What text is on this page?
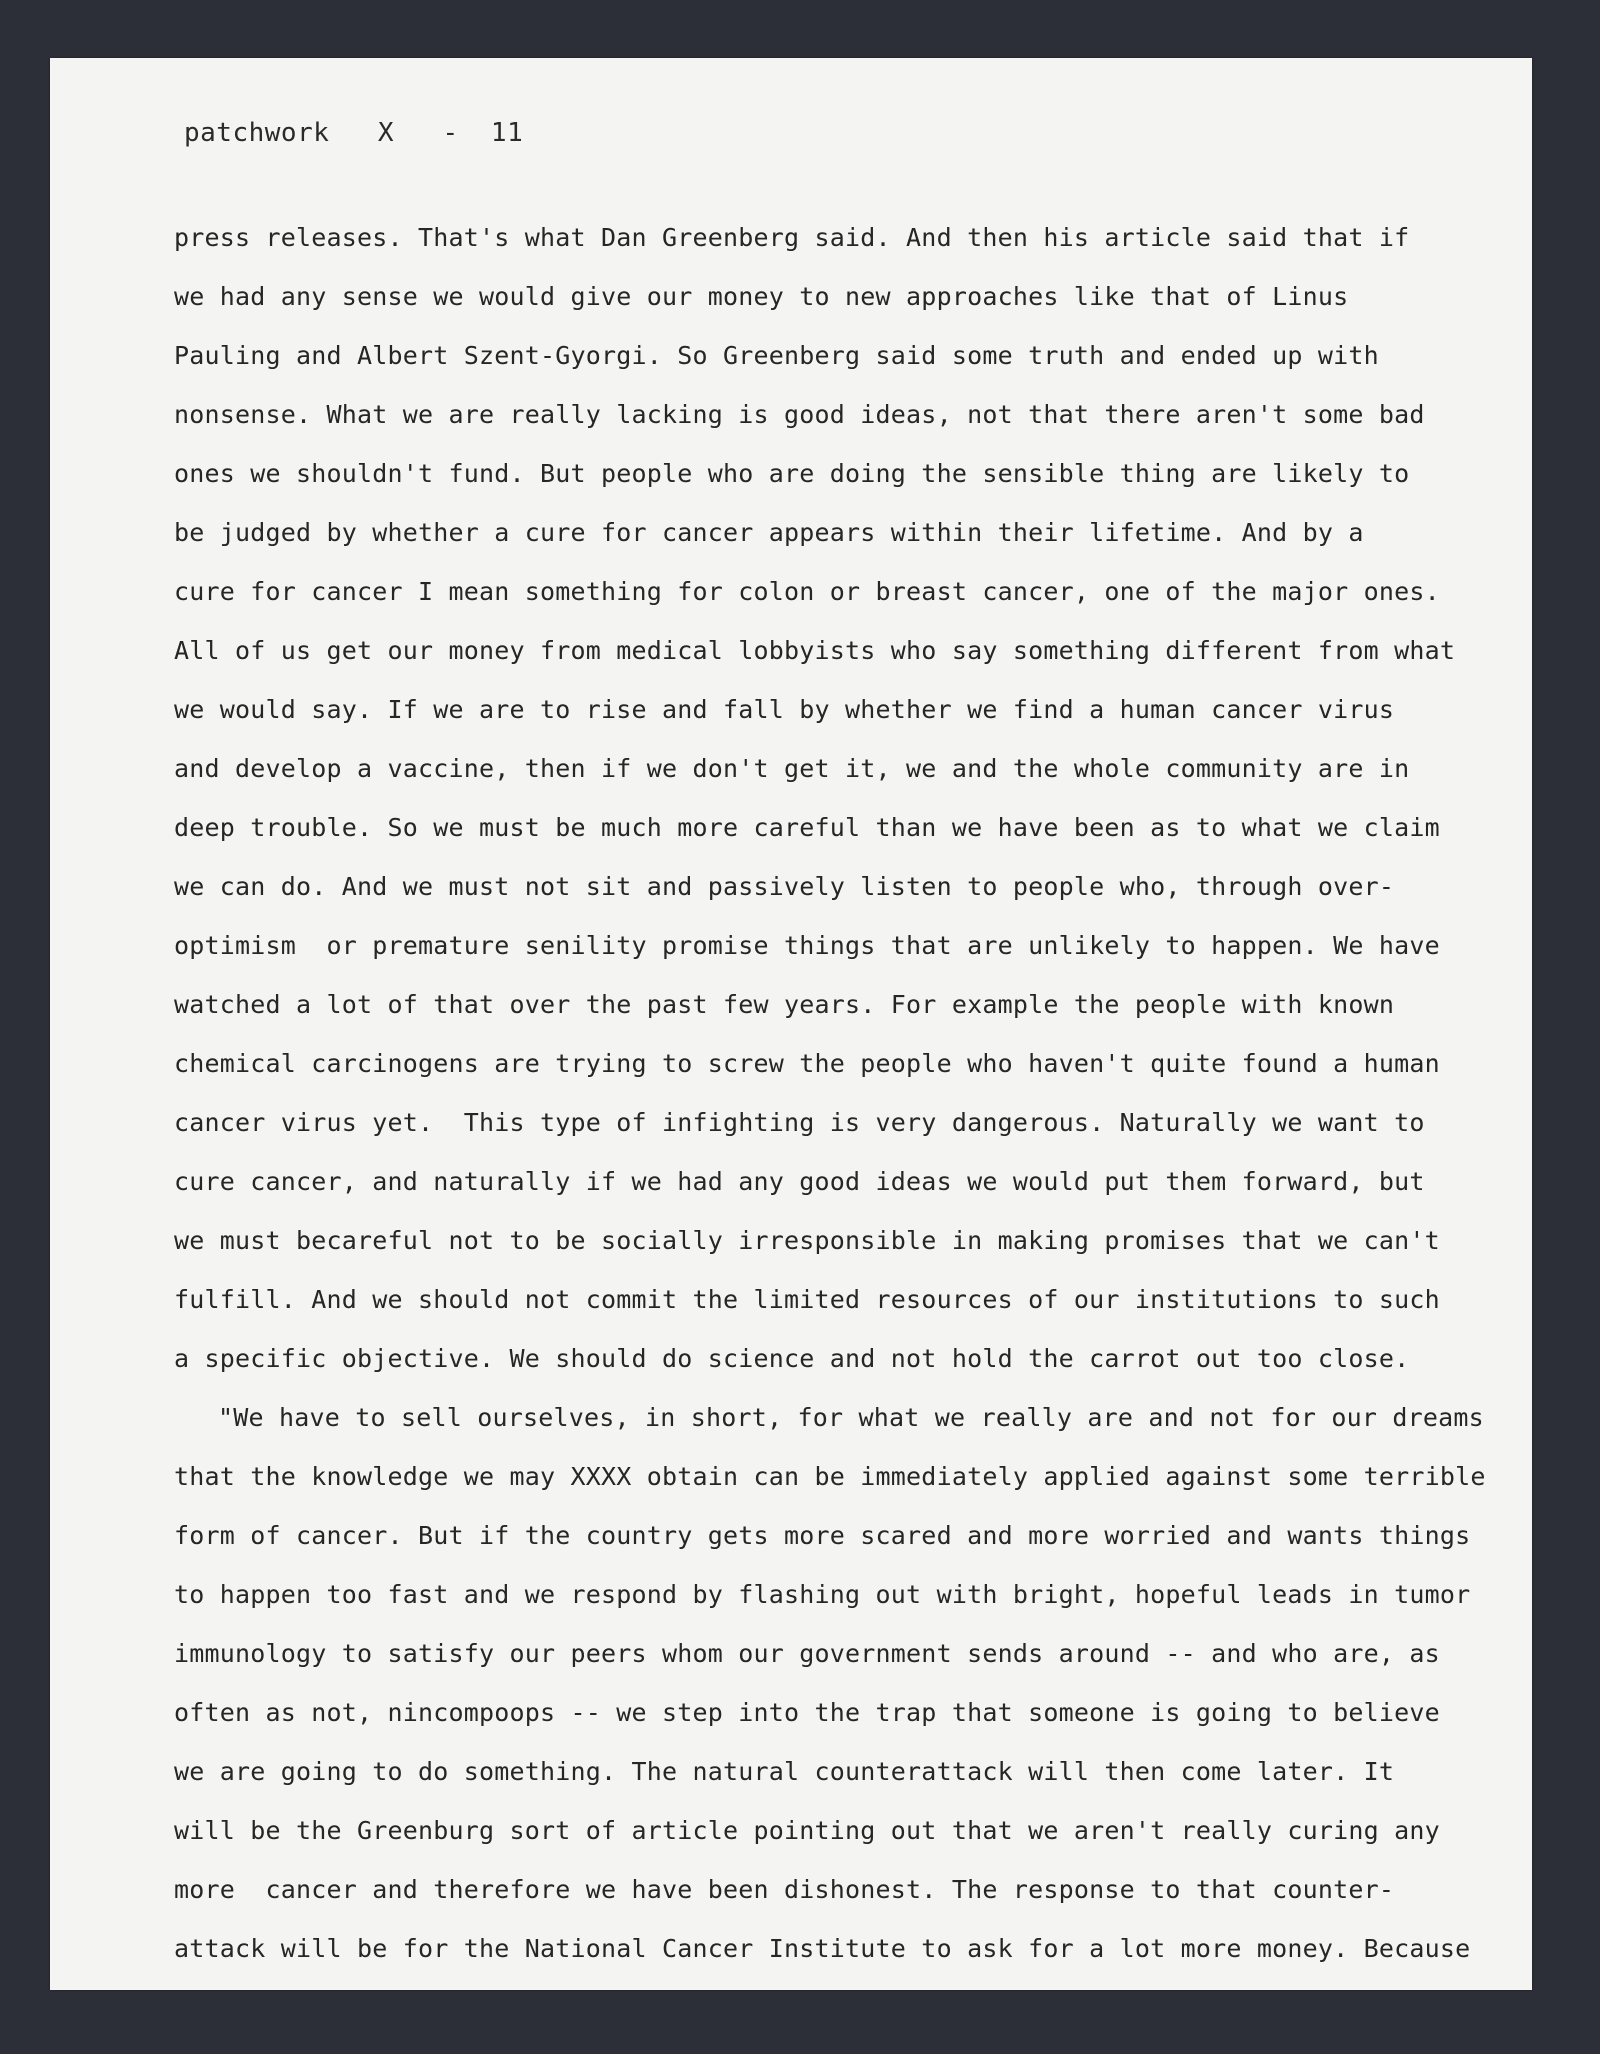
patchwork   X   -  11
press releases. That's what Dan Greenberg said. And then his article said that if
we had any sense we would give our money to new approaches like that of Linus
Pauling and Albert Szent-Gyorgi. So Greenberg said some truth and ended up with
nonsense. What we are really lacking is good ideas, not that there aren't some bad
ones we shouldn't fund. But people who are doing the sensible thing are likely to
be judged by whether a cure for cancer appears within their lifetime. And by a
cure for cancer I mean something for colon or breast cancer, one of the major ones.
All of us get our money from medical lobbyists who say something different from what
we would say. If we are to rise and fall by whether we find a human cancer virus
and develop a vaccine, then if we don't get it, we and the whole community are in
deep trouble. So we must be much more careful than we have been as to what we claim
we can do. And we must not sit and passively listen to people who, through over-
optimism  or premature senility promise things that are unlikely to happen. We have
watched a lot of that over the past few years. For example the people with known
chemical carcinogens are trying to screw the people who haven't quite found a human
cancer virus yet.  This type of infighting is very dangerous. Naturally we want to
cure cancer, and naturally if we had any good ideas we would put them forward, but
we must becareful not to be socially irresponsible in making promises that we can't
fulfill. And we should not commit the limited resources of our institutions to such
a specific objective. We should do science and not hold the carrot out too close.
"We have to sell ourselves, in short, for what we really are and not for our dreams
that the knowledge we may XXXX obtain can be immediately applied against some terrible
form of cancer. But if the country gets more scared and more worried and wants things
to happen too fast and we respond by flashing out with bright, hopeful leads in tumor
immunology to satisfy our peers whom our government sends around -- and who are, as
often as not, nincompoops -- we step into the trap that someone is going to believe
we are going to do something. The natural counterattack will then come later. It
will be the Greenburg sort of article pointing out that we aren't really curing any
more  cancer and therefore we have been dishonest. The response to that counter-
attack will be for the National Cancer Institute to ask for a lot more money. Because
